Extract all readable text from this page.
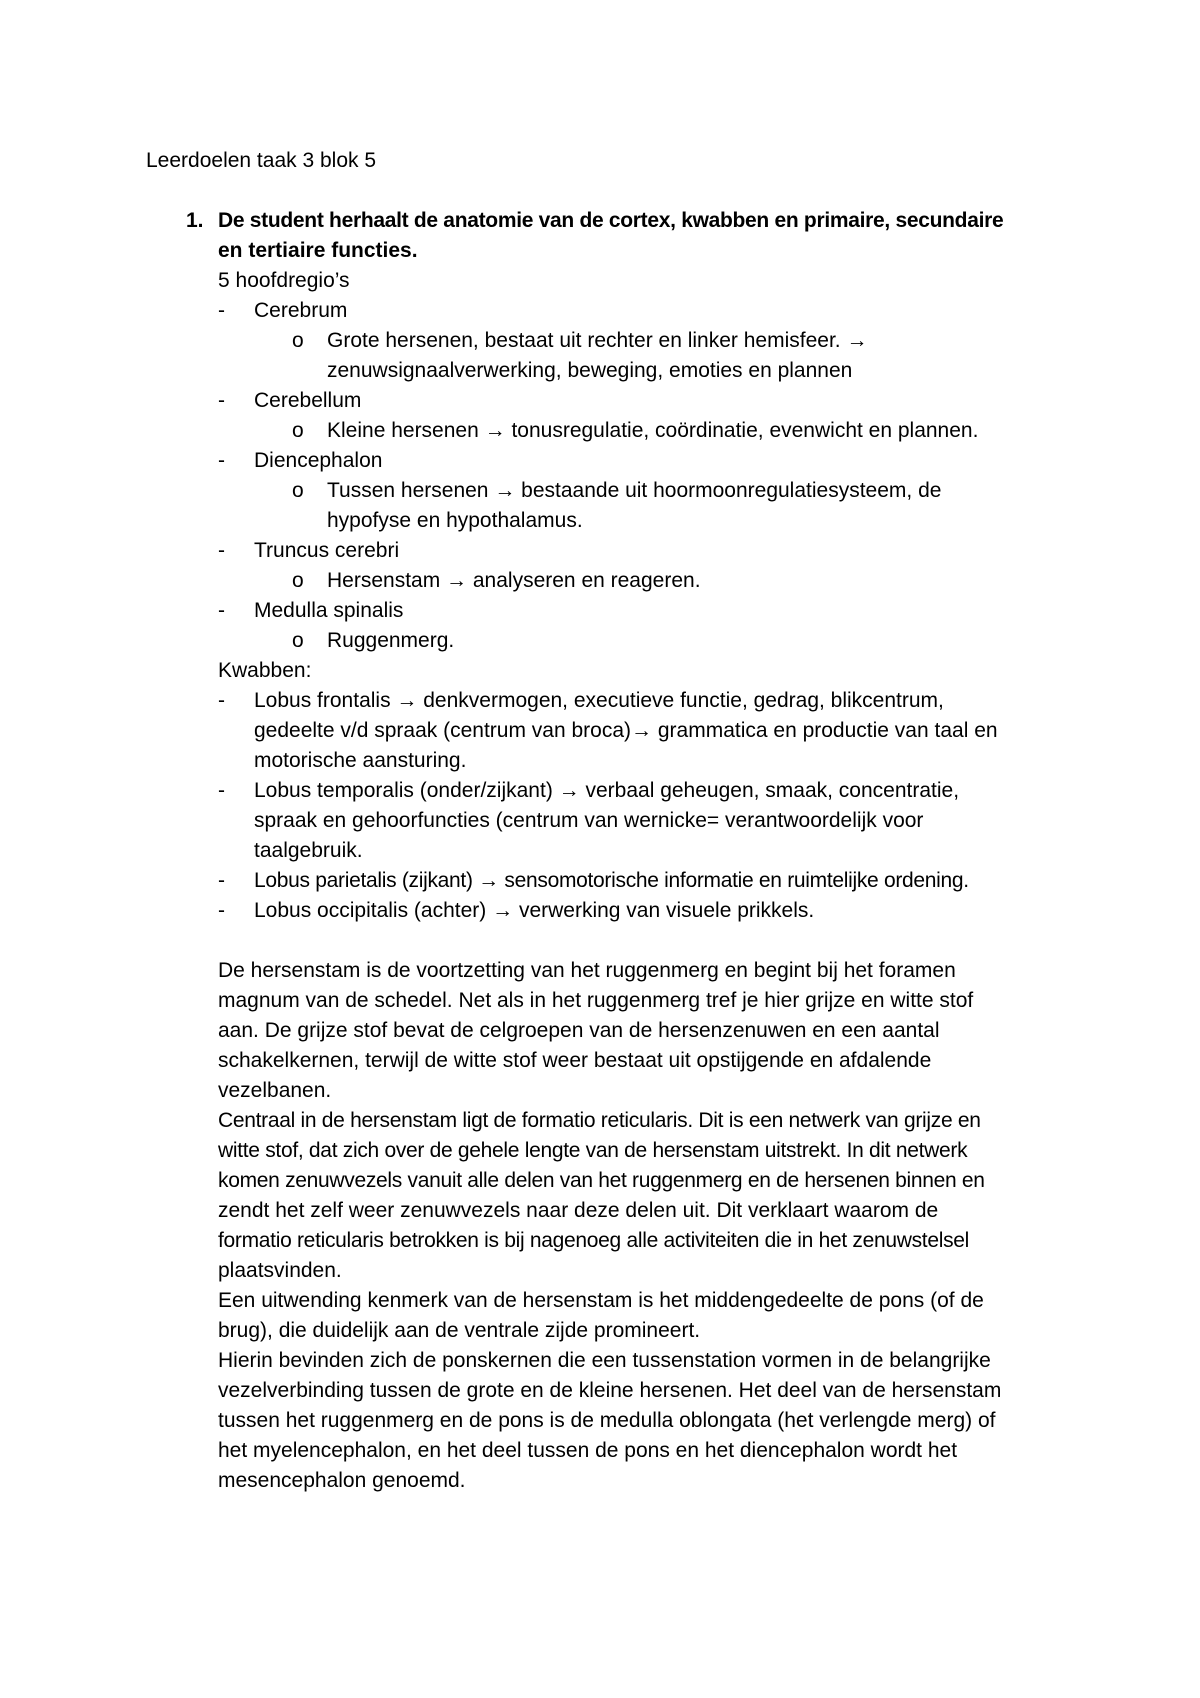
Leerdoelen taak 3 blok 5
1. De student herhaalt de anatomie van de cortex, kwabben en primaire, secundaire
en tertiaire functies.
5 hoofdregio’s
- Cerebrum
o Grote hersenen, bestaat uit rechter en linker hemisfeer. →
zenuwsignaalverwerking, beweging, emoties en plannen
- Cerebellum
o Kleine hersenen → tonusregulatie, coördinatie, evenwicht en plannen.
- Diencephalon
o Tussen hersenen → bestaande uit hoormoonregulatiesysteem, de
hypofyse en hypothalamus.
- Truncus cerebri
o Hersenstam → analyseren en reageren.
- Medulla spinalis
o Ruggenmerg.
Kwabben:
- Lobus frontalis → denkvermogen, executieve functie, gedrag, blikcentrum,
gedeelte v/d spraak (centrum van broca)→ grammatica en productie van taal en
motorische aansturing.
- Lobus temporalis (onder/zijkant) → verbaal geheugen, smaak, concentratie,
spraak en gehoorfuncties (centrum van wernicke= verantwoordelijk voor
taalgebruik.
- Lobus parietalis (zijkant) → sensomotorische informatie en ruimtelijke ordening.
- Lobus occipitalis (achter) → verwerking van visuele prikkels.
De hersenstam is de voortzetting van het ruggenmerg en begint bij het foramen
magnum van de schedel. Net als in het ruggenmerg tref je hier grijze en witte stof
aan. De grijze stof bevat de celgroepen van de hersenzenuwen en een aantal
schakelkernen, terwijl de witte stof weer bestaat uit opstijgende en afdalende
vezelbanen.
Centraal in de hersenstam ligt de formatio reticularis. Dit is een netwerk van grijze en
witte stof, dat zich over de gehele lengte van de hersenstam uitstrekt. In dit netwerk
komen zenuwvezels vanuit alle delen van het ruggenmerg en de hersenen binnen en
zendt het zelf weer zenuwvezels naar deze delen uit. Dit verklaart waarom de
formatio reticularis betrokken is bij nagenoeg alle activiteiten die in het zenuwstelsel
plaatsvinden.
Een uitwending kenmerk van de hersenstam is het middengedeelte de pons (of de
brug), die duidelijk aan de ventrale zijde promineert.
Hierin bevinden zich de ponskernen die een tussenstation vormen in de belangrijke
vezelverbinding tussen de grote en de kleine hersenen. Het deel van de hersenstam
tussen het ruggenmerg en de pons is de medulla oblongata (het verlengde merg) of
het myelencephalon, en het deel tussen de pons en het diencephalon wordt het
mesencephalon genoemd.
